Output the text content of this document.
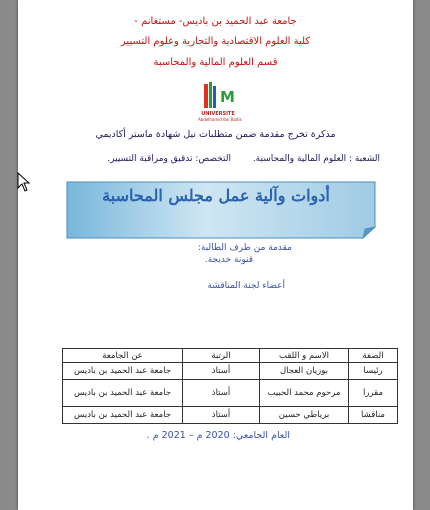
جامعة عبد الحميد بن باديس- مستغانم -
كلية العلوم الاقتصادية والتجارية وعلوم التسيير
قسم العلوم المالية والمحاسبة
M
UNIVERSITE
Abdelhamid Ibn Badis
مذكرة تخرج مقدمة ضمن متطلبات نيل شهادة ماستر أكاديمي
الشعبة : العلوم المالية والمحاسبة.
التخصص: تدقيق ومراقبة التسيير.
أدوات وآلية عمل مجلس المحاسبة
مقدمة من طرف الطالبة:
قنونة خديجة.
أعضاء لجنة المناقشة
الصفة	الاسم و اللقب	الرتبة	عن الجامعة
رئيسا	بوزيان العجال	أستاذ	جامعة عبد الحميد بن باديس
مقررا	مرحوم محمد الحبيب	أستاذ	جامعة عبد الحميد بن باديس
مناقشا	برياطي حسين	أستاذ	جامعة عبد الحميد بن باديس
العام الجامعي: 2020 م – 2021 م .
